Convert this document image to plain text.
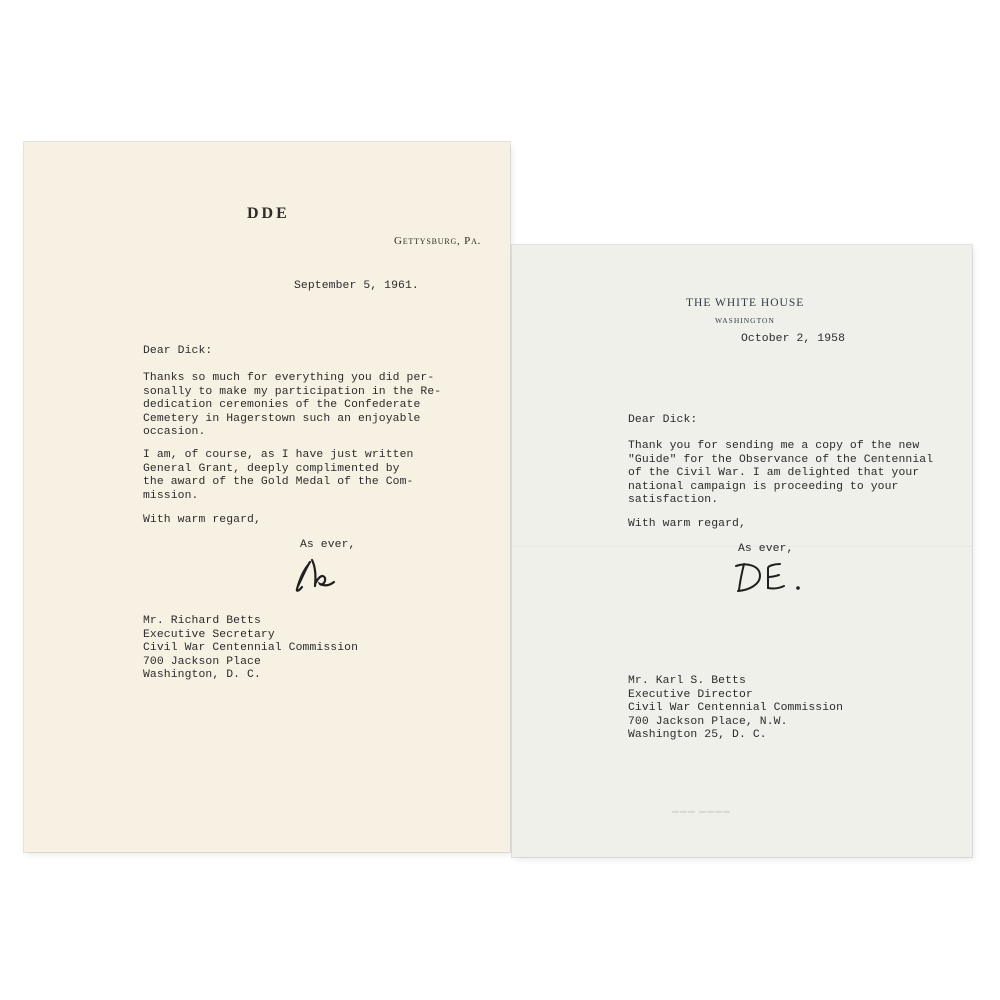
DDE
Gettysburg, Pa.
September 5, 1961.
Dear Dick:
Thanks so much for everything you did per-
sonally to make my participation in the Re-
dedication ceremonies of the Confederate
Cemetery in Hagerstown such an enjoyable
occasion.
I am, of course, as I have just written
General Grant, deeply complimented by
the award of the Gold Medal of the Com-
mission.
With warm regard,
As ever,
Mr. Richard Betts
Executive Secretary
Civil War Centennial Commission
700 Jackson Place
Washington, D. C.
THE WHITE HOUSE
WASHINGTON
October 2, 1958
Dear Dick:
Thank you for sending me a copy of the new
"Guide" for the Observance of the Centennial
of the Civil War. I am delighted that your
national campaign is proceeding to your
satisfaction.
With warm regard,
As ever,
Mr. Karl S. Betts
Executive Director
Civil War Centennial Commission
700 Jackson Place, N.W.
Washington 25, D. C.
▬▬▬ ▬▬▬▬
